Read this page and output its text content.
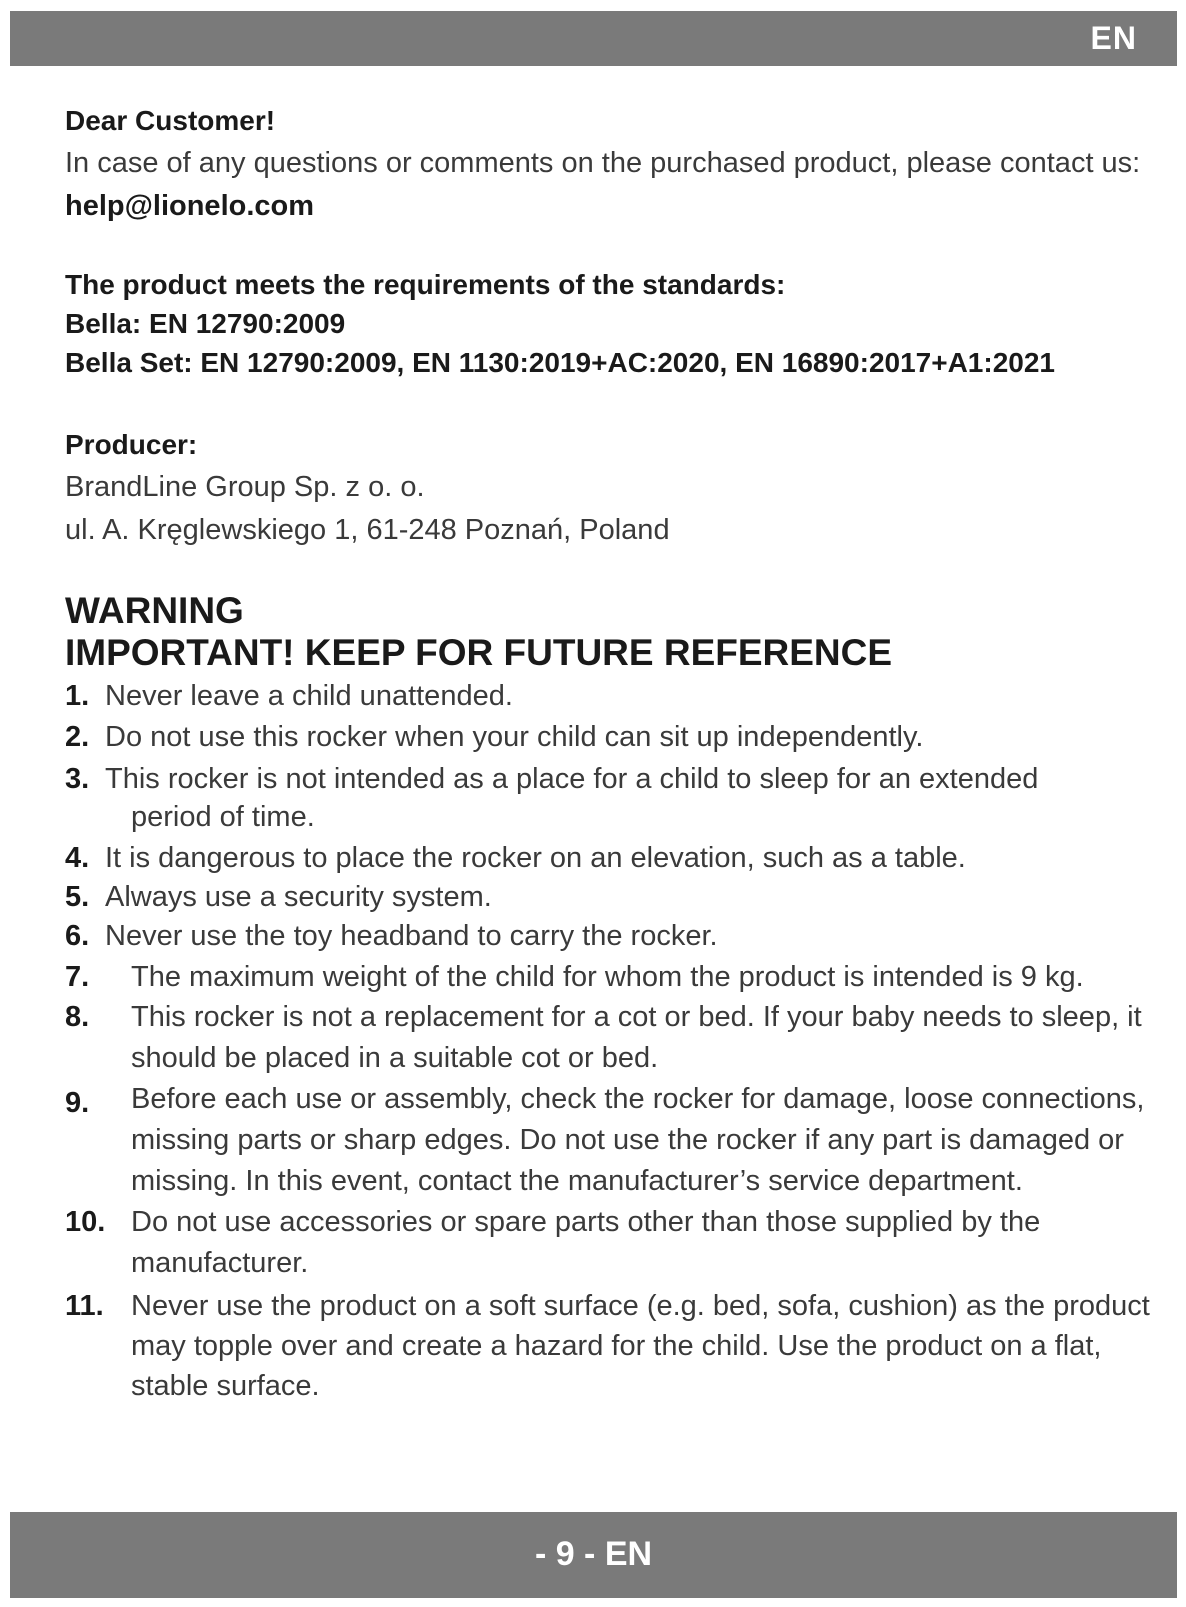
EN
Dear Customer!
In case of any questions or comments on the purchased product, please contact us: help@lionelo.com
The product meets the requirements of the standards:
Bella: EN 12790:2009
Bella Set: EN 12790:2009, EN 1130:2019+AC:2020, EN 16890:2017+A1:2021
Producer:
BrandLine Group Sp. z o. o.
ul. A. Kręglewskiego 1, 61-248 Poznań, Poland
WARNING
IMPORTANT! KEEP FOR FUTURE REFERENCE
1. Never leave a child unattended.
2. Do not use this rocker when your child can sit up independently.
3. This rocker is not intended as a place for a child to sleep for an extended
period of time.
4. It is dangerous to place the rocker on an elevation, such as a table.
5. Always use a security system.
6. Never use the toy headband to carry the rocker.
7. The maximum weight of the child for whom the product is intended is 9 kg.
8. This rocker is not a replacement for a cot or bed. If your baby needs to sleep, it should be placed in a suitable cot or bed.
9. Before each use or assembly, check the rocker for damage, loose connections, missing parts or sharp edges. Do not use the rocker if any part is damaged or missing. In this event, contact the manufacturer’s service department.
10. Do not use accessories or spare parts other than those supplied by the manufacturer.
11. Never use the product on a soft surface (e.g. bed, sofa, cushion) as the product may topple over and create a hazard for the child. Use the product on a flat, stable surface.
- 9 - EN
